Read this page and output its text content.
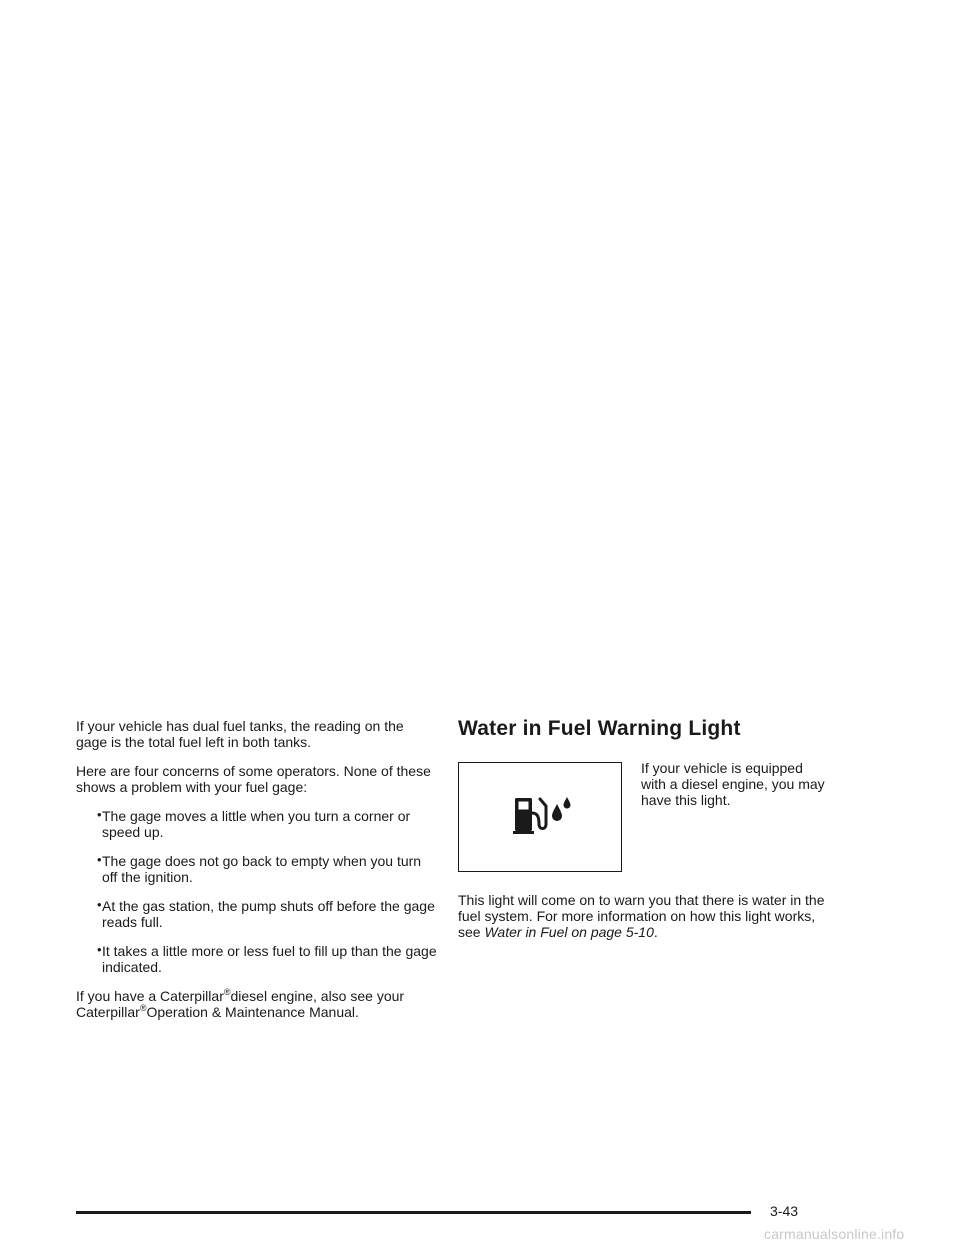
If your vehicle has dual fuel tanks, the reading on the gage is the total fuel left in both tanks.

Here are four concerns of some operators. None of these shows a problem with your fuel gage:

• The gage moves a little when you turn a corner or speed up.
• The gage does not go back to empty when you turn off the ignition.
• At the gas station, the pump shuts off before the gage reads full.
• It takes a little more or less fuel to fill up than the gage indicated.

If you have a Caterpillar®diesel engine, also see your Caterpillar®Operation & Maintenance Manual.

Water in Fuel Warning Light

If your vehicle is equipped with a diesel engine, you may have this light.

This light will come on to warn you that there is water in the fuel system. For more information on how this light works, see Water in Fuel on page 5-10.

3-43
carmanualsonline.info
